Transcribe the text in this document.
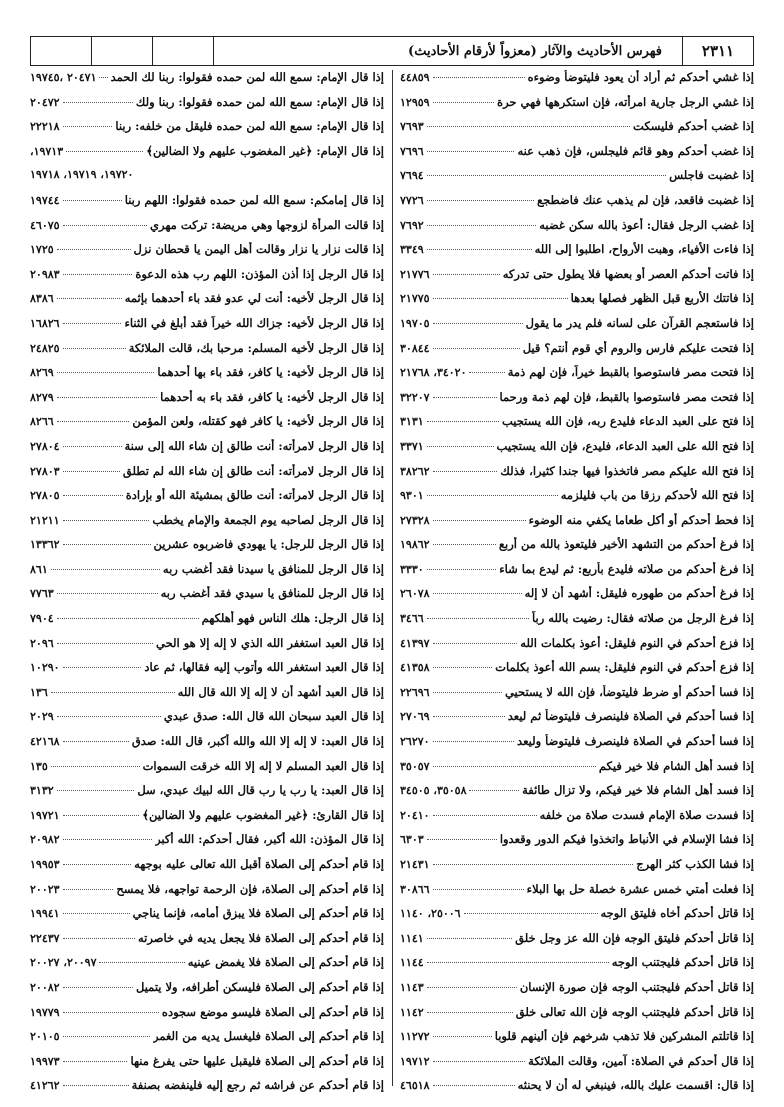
٢٣١١
فهرس الأحاديث والآثار (معزواً لأرقام الأحاديث)
إذا غشي أحدكم ثم أراد أن يعود فليتوضأ وضوءه
٤٤٨٥٩
إذا غشي الرجل جارية امرأته، فإن استكرهها فهي حرة
١٢٩٥٩
إذا غضب أحدكم فليسكت
٧٦٩٣
إذا غضب أحدكم وهو قائم فليجلس، فإن ذهب عنه
٧٦٩٦
إذا غضبت فاجلس
٧٦٩٤
إذا غضبت فاقعد، فإن لم يذهب عنك فاضطجع
٧٧٢٦
إذا غضب الرجل فقال: أعوذ بالله سكن غضبه
٧٦٩٢
إذا فاءت الأفياء، وهبت الأرواح، اطلبوا إلى الله
٣٣٤٩
إذا فاتت أحدكم العصر أو بعضها فلا يطول حتى تدركه
٢١٧٧٦
إذا فاتتك الأربع قبل الظهر فصلها بعدها
٢١٧٧٥
إذا فاستعجم القرآن على لسانه فلم يدر ما يقول
١٩٧٠٥
إذا فتحت عليكم فارس والروم أي قوم أنتم؟ قيل
٣٠٨٤٤
إذا فتحت مصر فاستوصوا بالقبط خيراً، فإن لهم ذمة
٣٤٠٢٠، ٢١٧٦٨
إذا فتحت مصر فاستوصوا بالقبط، فإن لهم ذمة ورحما
٣٢٢٠٧
إذا فتح على العبد الدعاء فليدع ربه، فإن الله يستجيب
٣١٣١
إذا فتح الله على العبد الدعاء، فليدع، فإن الله يستجيب
٣٣٧١
إذا فتح الله عليكم مصر فاتخذوا فيها جندا كثيرا، فذلك
٣٨٢٦٢
إذا فتح الله لأحدكم رزقا من باب فليلزمه
٩٣٠١
إذا فحط أحدكم أو أكل طعاما يكفي منه الوضوء
٢٧٣٢٨
إذا فرغ أحدكم من التشهد الأخير فليتعوذ بالله من أربع
١٩٨٦٢
إذا فرغ أحدكم من صلاته فليدع بأربع: ثم ليدع بما شاء
٣٣٣٠
إذا فرغ أحدكم من طهوره فليقل: أشهد أن لا إله
٢٦٠٧٨
إذا فرغ الرجل من صلاته فقال: رضيت بالله رباً
٣٤٦٦
إذا فزع أحدكم في النوم فليقل: أعوذ بكلمات الله
٤١٣٩٧
إذا فزع أحدكم في النوم فليقل: بسم الله أعوذ بكلمات
٤١٣٥٨
إذا فسا أحدكم أو ضرط فليتوضأ، فإن الله لا يستحيي
٢٢٦٩٦
إذا فسا أحدكم في الصلاة فلينصرف فليتوضأ ثم ليعد
٢٧٠٦٩
إذا فسا أحدكم في الصلاة فلينصرف فليتوضأ وليعد
٢٦٢٧٠
إذا فسد أهل الشام فلا خير فيكم
٣٥٠٥٧
إذا فسد أهل الشام فلا خير فيكم، ولا تزال طائفة
٣٥٠٥٨، ٣٤٥٠٥
إذا فسدت صلاة الإمام فسدت صلاة من خلفه
٢٠٤١٠
إذا فشا الإسلام في الأنباط واتخذوا فيكم الدور وقعدوا
٦٣٠٣
إذا فشا الكذب كثر الهرج
٢١٤٣١
إذا فعلت أمتي خمس عشرة خصلة حل بها البلاء
٣٠٨٦٦
إذا قاتل أحدكم أخاه فليتق الوجه
٢٥٠٠٦، ١١٤٠
إذا قاتل أحدكم فليتق الوجه فإن الله عز وجل خلق
١١٤١
إذا قاتل أحدكم فليجتنب الوجه
١١٤٤
إذا قاتل أحدكم فليجتنب الوجه فإن صورة الإنسان
١١٤٣
إذا قاتل أحدكم فليجتنب الوجه فإن الله تعالى خلق
١١٤٢
إذا قاتلتم المشركين فلا تذهب شرخهم فإن ألينهم قلوبا
١١٢٧٢
إذا قال أحدكم في الصلاة: آمين، وقالت الملائكة
١٩٧١٢
إذا قال: اقسمت عليك بالله، فينبغي له أن لا يحنثه
٤٦٥١٨
إذا قال الإمام: سمع الله لمن حمده فقولوا: ربنا لك الحمد
٢٠٤٧١ ،١٩٧٤٥
إذا قال الإمام: سمع الله لمن حمده فقولوا: ربنا ولك
٢٠٤٧٢
إذا قال الإمام: سمع الله لمن حمده فليقل من خلفه: ربنا
٢٢٢١٨
إذا قال الإمام: ﴿غير المغضوب عليهم ولا الضالين﴾
،١٩٧١٣
١٩٧٢٠، ١٩٧١٩، ١٩٧١٨
إذا قال إمامكم: سمع الله لمن حمده فقولوا: اللهم ربنا
١٩٧٤٤
إذا قالت المرأة لزوجها وهي مريضة: تركت مهري
٤٦٠٧٥
إذا قالت نزار يا نزار وقالت أهل اليمن يا قحطان نزل
١٧٢٥
إذا قال الرجل إذا أذن المؤذن: اللهم رب هذه الدعوة
٢٠٩٨٣
إذا قال الرجل لأخيه: أنت لي عدو فقد باء أحدهما بإثمه
٨٣٨٦
إذا قال الرجل لأخيه: جزاك الله خيراً فقد أبلغ في الثناء
١٦٨٢٦
إذا قال الرجل لأخيه المسلم: مرحبا بك، قالت الملائكة
٢٤٨٢٥
إذا قال الرجل لأخيه: يا كافر، فقد باء بها أحدهما
٨٢٦٩
إذا قال الرجل لأخيه: يا كافر، فقد باء به أحدهما
٨٢٧٩
إذا قال الرجل لأخيه: يا كافر فهو كقتله، ولعن المؤمن
٨٢٦٦
إذا قال الرجل لامرأته: أنت طالق إن شاء الله إلى سنة
٢٧٨٠٤
إذا قال الرجل لامرأته: أنت طالق إن شاء الله لم تطلق
٢٧٨٠٣
إذا قال الرجل لامرأته: أنت طالق بمشيئة الله أو بإرادة
٢٧٨٠٥
إذا قال الرجل لصاحبه يوم الجمعة والإمام يخطب
٢١٢١١
إذا قال الرجل للرجل: يا يهودي فاضربوه عشرين
١٣٣٦٢
إذا قال الرجل للمنافق يا سيدنا فقد أغضب ربه
٨٦١
إذا قال الرجل للمنافق يا سيدي فقد أغضب ربه
٧٧٦٣
إذا قال الرجل: هلك الناس فهو أهلكهم
٧٩٠٤
إذا قال العبد استغفر الله الذي لا إله إلا هو الحي
٢٠٩٦
إذا قال العبد استغفر الله وأتوب إليه فقالها، ثم عاد
١٠٢٩٠
إذا قال العبد أشهد أن لا إله إلا الله قال الله
١٣٦
إذا قال العبد سبحان الله قال الله: صدق عبدي
٢٠٢٩
إذا قال العبد: لا إله إلا الله والله أكبر، قال الله: صدق
٤٢١٦٨
إذا قال العبد المسلم لا إله إلا الله خرقت السموات
١٣٥
إذا قال العبد: يا رب يا رب قال الله لبيك عبدي، سل
٣١٣٢
إذا قال القارئ: ﴿غير المغضوب عليهم ولا الضالين﴾
١٩٧٢١
إذا قال المؤذن: الله أكبر، فقال أحدكم: الله أكبر
٢٠٩٨٢
إذا قام أحدكم إلى الصلاة أقبل الله تعالى عليه بوجهه
١٩٩٥٣
إذا قام أحدكم إلى الصلاة، فإن الرحمة تواجهه، فلا يمسح
٢٠٠٢٣
إذا قام أحدكم إلى الصلاة فلا يبزق أمامه، فإنما يناجي
١٩٩٤١
إذا قام أحدكم إلى الصلاة فلا يجعل يديه في خاصرته
٢٢٤٣٧
إذا قام أحدكم إلى الصلاة فلا يغمض عينيه
٢٠٠٩٧، ٢٠٠٢٧
إذا قام أحدكم إلى الصلاة فليسكن أطرافه، ولا يتميل
٢٠٠٨٢
إذا قام أحدكم إلى الصلاة فليسو موضع سجوده
١٩٧٧٩
إذا قام أحدكم إلى الصلاة فليغسل يديه من الغمر
٢٠١٠٥
إذا قام أحدكم إلى الصلاة فليقبل عليها حتى يفرغ منها
١٩٩٧٣
إذا قام أحدكم عن فراشه ثم رجع إليه فلينفضه بصنفة
٤١٢٦٢
